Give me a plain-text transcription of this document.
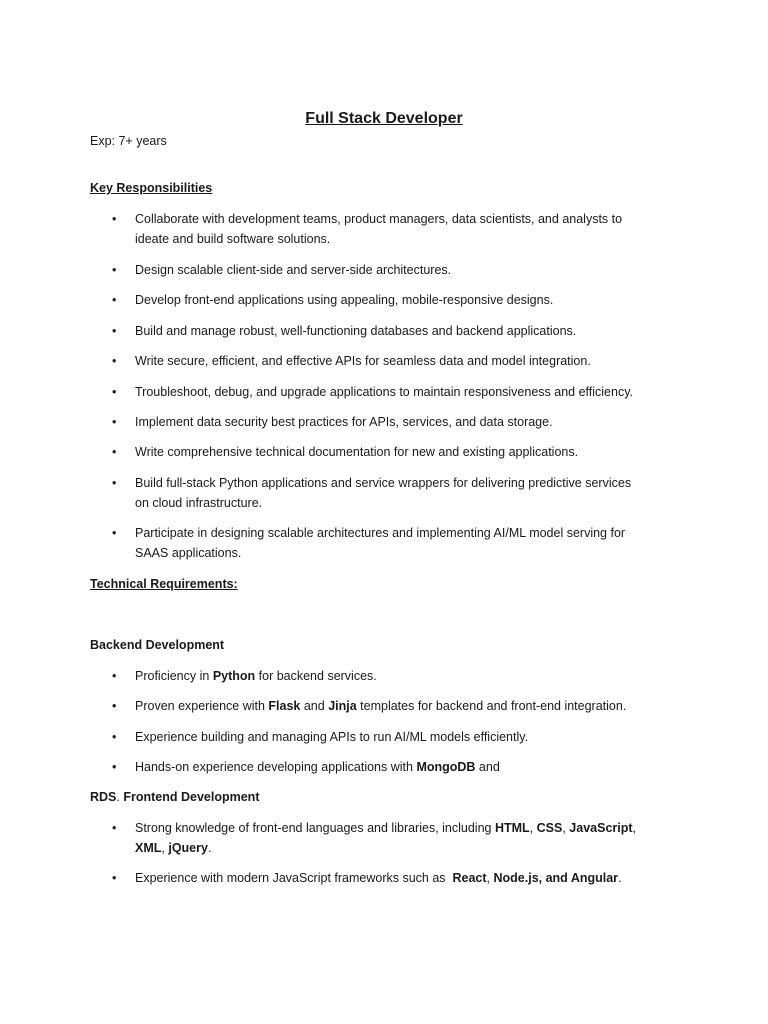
Full Stack Developer

Exp: 7+ years

Key Responsibilities

• Collaborate with development teams, product managers, data scientists, and analysts to ideate and build software solutions.
• Design scalable client-side and server-side architectures.
• Develop front-end applications using appealing, mobile-responsive designs.
• Build and manage robust, well-functioning databases and backend applications.
• Write secure, efficient, and effective APIs for seamless data and model integration.
• Troubleshoot, debug, and upgrade applications to maintain responsiveness and efficiency.
• Implement data security best practices for APIs, services, and data storage.
• Write comprehensive technical documentation for new and existing applications.
• Build full-stack Python applications and service wrappers for delivering predictive services on cloud infrastructure.
• Participate in designing scalable architectures and implementing AI/ML model serving for SAAS applications.

Technical Requirements:

Backend Development

• Proficiency in Python for backend services.
• Proven experience with Flask and Jinja templates for backend and front-end integration.
• Experience building and managing APIs to run AI/ML models efficiently.
• Hands-on experience developing applications with MongoDB and

RDS. Frontend Development

• Strong knowledge of front-end languages and libraries, including HTML, CSS, JavaScript, XML, jQuery.
• Experience with modern JavaScript frameworks such as  React, Node.js, and Angular.
